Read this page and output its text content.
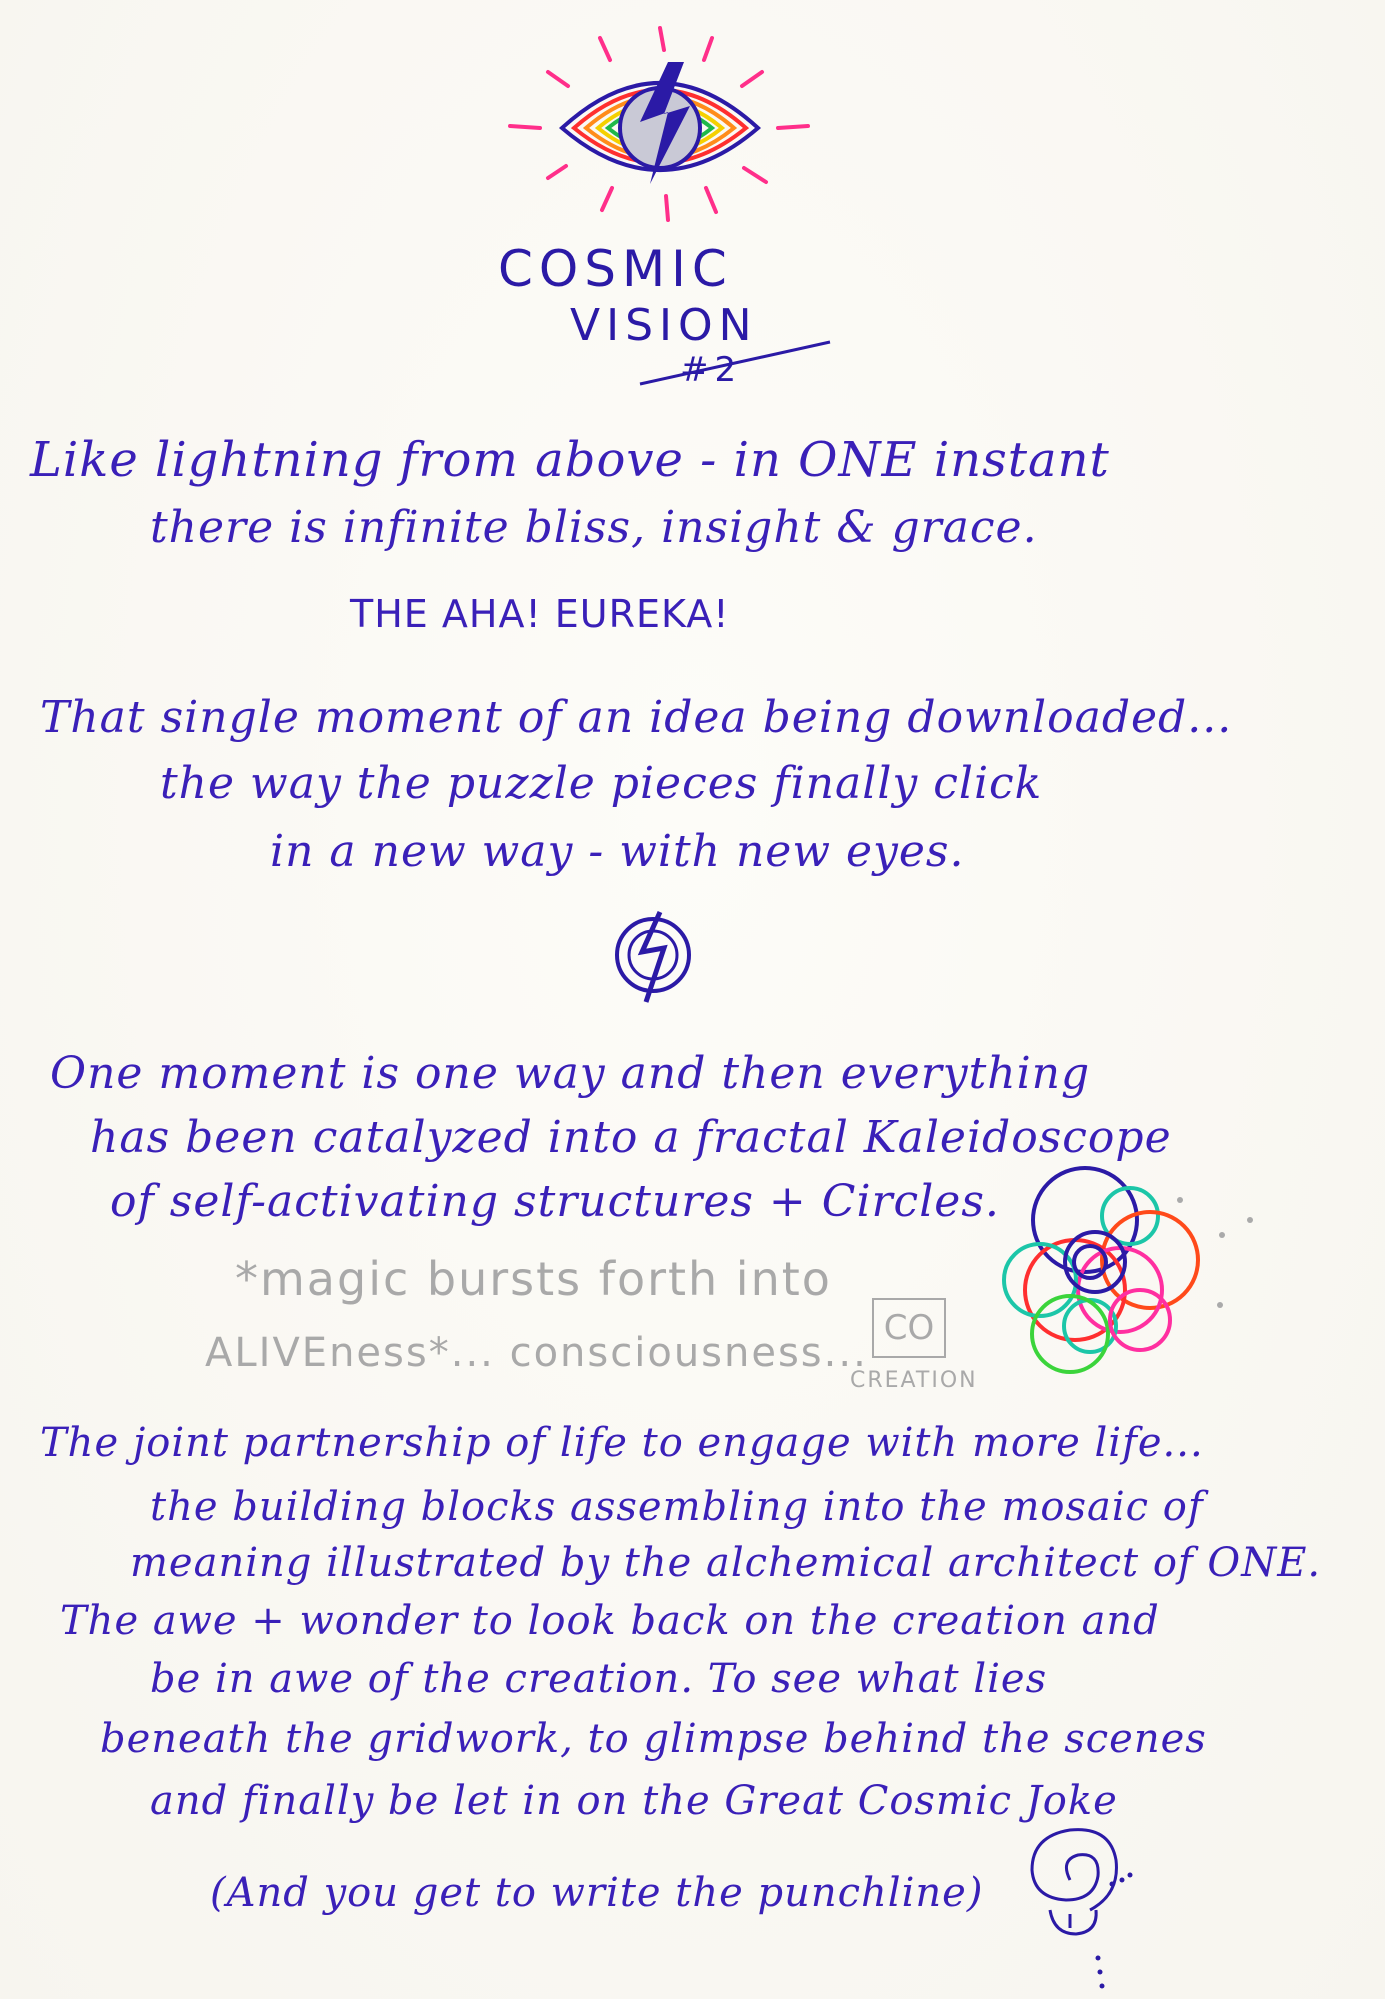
COSMIC
VISION
#2
Like lightning from above - in ONE instant
there is infinite bliss, insight & grace.
THE AHA! EUREKA!
That single moment of an idea being downloaded...
the way the puzzle pieces finally click
in a new way - with new eyes.
One moment is one way and then everything
has been catalyzed into a fractal Kaleidoscope
of self-activating structures + Circles.
*magic bursts forth into
ALIVEness*... consciousness...
CO
CREATION
The joint partnership of life to engage with more life...
the building blocks assembling into the mosaic of
meaning illustrated by the alchemical architect of ONE.
The awe + wonder to look back on the creation and
be in awe of the creation. To see what lies
beneath the gridwork, to glimpse behind the scenes
and finally be let in on the Great Cosmic Joke
(And you get to write the punchline)
